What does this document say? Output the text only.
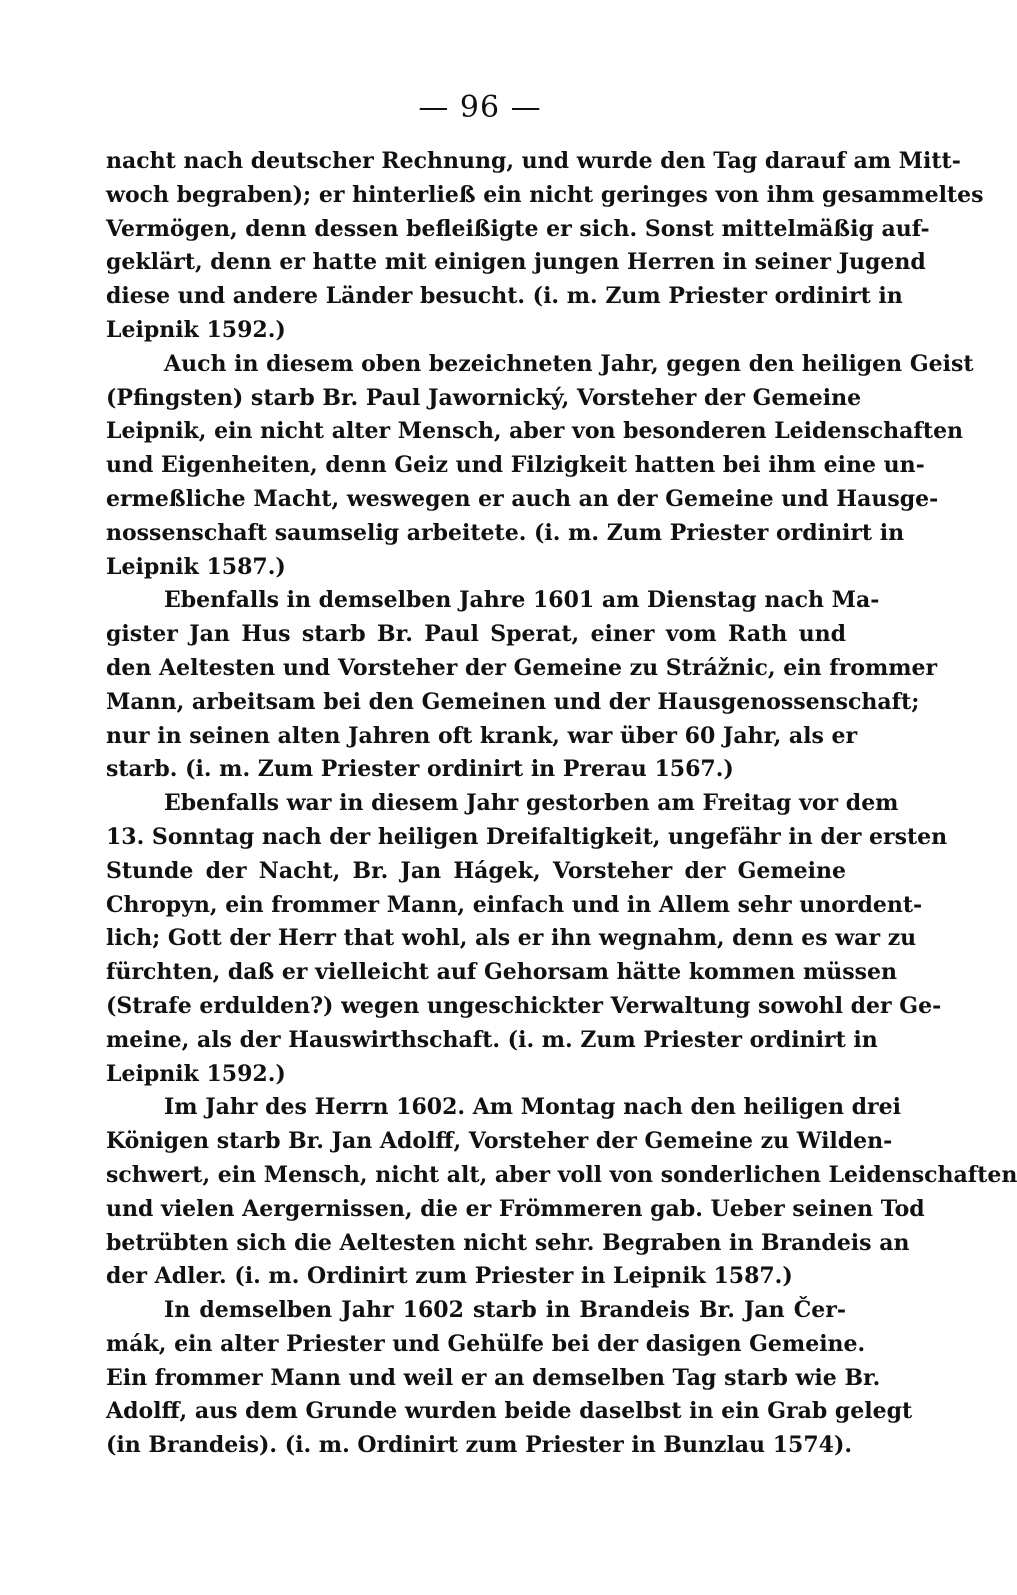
— 96 —
nacht nach deutscher Rechnung, und wurde den Tag darauf am Mitt-
woch begraben); er hinterließ ein nicht geringes von ihm gesammeltes
Vermögen, denn dessen befleißigte er sich. Sonst mittelmäßig auf-
geklärt, denn er hatte mit einigen jungen Herren in seiner Jugend
diese und andere Länder besucht. (i. m. Zum Priester ordinirt in
Leipnik 1592.)
Auch in diesem oben bezeichneten Jahr, gegen den heiligen Geist
(Pfingsten) starb Br. Paul Jawornický, Vorsteher der Gemeine
Leipnik, ein nicht alter Mensch, aber von besonderen Leidenschaften
und Eigenheiten, denn Geiz und Filzigkeit hatten bei ihm eine un-
ermeßliche Macht, weswegen er auch an der Gemeine und Hausge-
nossenschaft saumselig arbeitete. (i. m. Zum Priester ordinirt in
Leipnik 1587.)
Ebenfalls in demselben Jahre 1601 am Dienstag nach Ma-
gister Jan Hus starb Br. Paul Sperat, einer vom Rath und
den Aeltesten und Vorsteher der Gemeine zu Strážnic, ein frommer
Mann, arbeitsam bei den Gemeinen und der Hausgenossenschaft;
nur in seinen alten Jahren oft krank, war über 60 Jahr, als er
starb. (i. m. Zum Priester ordinirt in Prerau 1567.)
Ebenfalls war in diesem Jahr gestorben am Freitag vor dem
13. Sonntag nach der heiligen Dreifaltigkeit, ungefähr in der ersten
Stunde der Nacht, Br. Jan Hágek, Vorsteher der Gemeine
Chropyn, ein frommer Mann, einfach und in Allem sehr unordent-
lich; Gott der Herr that wohl, als er ihn wegnahm, denn es war zu
fürchten, daß er vielleicht auf Gehorsam hätte kommen müssen
(Strafe erdulden?) wegen ungeschickter Verwaltung sowohl der Ge-
meine, als der Hauswirthschaft. (i. m. Zum Priester ordinirt in
Leipnik 1592.)
Im Jahr des Herrn 1602. Am Montag nach den heiligen drei
Königen starb Br. Jan Adolff, Vorsteher der Gemeine zu Wilden-
schwert, ein Mensch, nicht alt, aber voll von sonderlichen Leidenschaften
und vielen Aergernissen, die er Frömmeren gab. Ueber seinen Tod
betrübten sich die Aeltesten nicht sehr. Begraben in Brandeis an
der Adler. (i. m. Ordinirt zum Priester in Leipnik 1587.)
In demselben Jahr 1602 starb in Brandeis Br. Jan Čer-
mák, ein alter Priester und Gehülfe bei der dasigen Gemeine.
Ein frommer Mann und weil er an demselben Tag starb wie Br.
Adolff, aus dem Grunde wurden beide daselbst in ein Grab gelegt
(in Brandeis). (i. m. Ordinirt zum Priester in Bunzlau 1574).
